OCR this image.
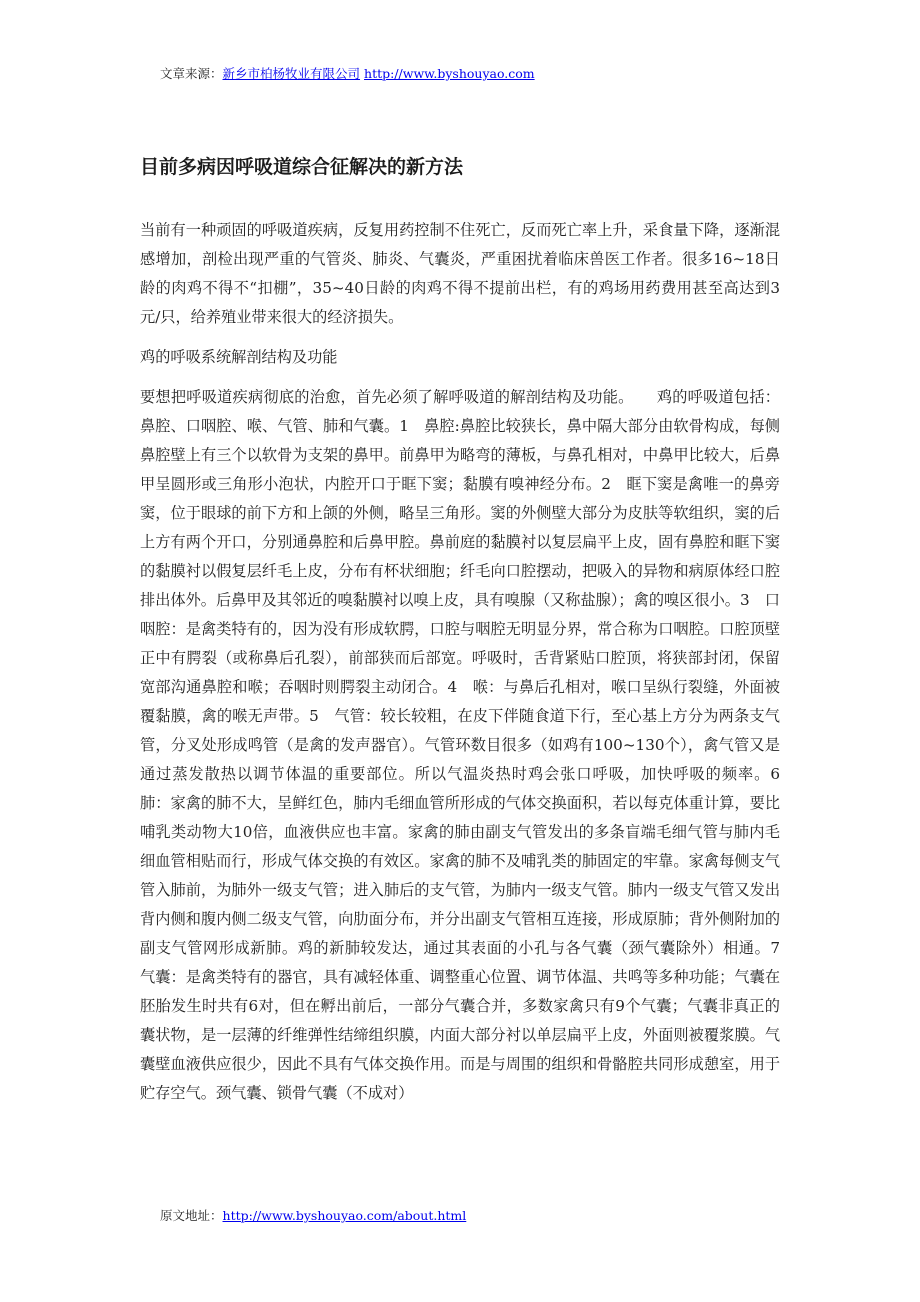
文章来源：新乡市柏杨牧业有限公司 http://www.byshouyao.com
目前多病因呼吸道综合征解决的新方法

当前有一种顽固的呼吸道疾病，反复用药控制不住死亡，反而死亡率上升，采食量下降，逐渐混感增加，剖检出现严重的气管炎、肺炎、气囊炎，严重困扰着临床兽医工作者。很多16~18日龄的肉鸡不得不“扣棚”，35~40日龄的肉鸡不得不提前出栏，有的鸡场用药费用甚至高达到3元/只，给养殖业带来很大的经济损失。

鸡的呼吸系统解剖结构及功能

要想把呼吸道疾病彻底的治愈，首先必须了解呼吸道的解剖结构及功能。　　鸡的呼吸道包括：鼻腔、口咽腔、喉、气管、肺和气囊。1　鼻腔:鼻腔比较狭长，鼻中隔大部分由软骨构成，每侧鼻腔壁上有三个以软骨为支架的鼻甲。前鼻甲为略弯的薄板，与鼻孔相对，中鼻甲比较大，后鼻甲呈圆形或三角形小泡状，内腔开口于眶下窦；黏膜有嗅神经分布。2　眶下窦是禽唯一的鼻旁窦，位于眼球的前下方和上颌的外侧，略呈三角形。窦的外侧壁大部分为皮肤等软组织，窦的后上方有两个开口，分别通鼻腔和后鼻甲腔。鼻前庭的黏膜衬以复层扁平上皮，固有鼻腔和眶下窦的黏膜衬以假复层纤毛上皮，分布有杯状细胞；纤毛向口腔摆动，把吸入的异物和病原体经口腔排出体外。后鼻甲及其邻近的嗅黏膜衬以嗅上皮，具有嗅腺（又称盐腺）；禽的嗅区很小。3　口咽腔：是禽类特有的，因为没有形成软腭，口腔与咽腔无明显分界，常合称为口咽腔。口腔顶壁正中有腭裂（或称鼻后孔裂），前部狭而后部宽。呼吸时，舌背紧贴口腔顶，将狭部封闭，保留宽部沟通鼻腔和喉；吞咽时则腭裂主动闭合。4　喉：与鼻后孔相对，喉口呈纵行裂缝，外面被覆黏膜，禽的喉无声带。5　气管：较长较粗，在皮下伴随食道下行，至心基上方分为两条支气管，分叉处形成鸣管（是禽的发声器官）。气管环数目很多（如鸡有100~130个），禽气管又是通过蒸发散热以调节体温的重要部位。所以气温炎热时鸡会张口呼吸，加快呼吸的频率。6　肺：家禽的肺不大，呈鲜红色，肺内毛细血管所形成的气体交换面积，若以每克体重计算，要比哺乳类动物大10倍，血液供应也丰富。家禽的肺由副支气管发出的多条盲端毛细气管与肺内毛细血管相贴而行，形成气体交换的有效区。家禽的肺不及哺乳类的肺固定的牢靠。家禽每侧支气管入肺前，为肺外一级支气管；进入肺后的支气管，为肺内一级支气管。肺内一级支气管又发出背内侧和腹内侧二级支气管，向肋面分布，并分出副支气管相互连接，形成原肺；背外侧附加的副支气管网形成新肺。鸡的新肺较发达，通过其表面的小孔与各气囊（颈气囊除外）相通。7　气囊：是禽类特有的器官，具有减轻体重、调整重心位置、调节体温、共鸣等多种功能；气囊在胚胎发生时共有6对，但在孵出前后，一部分气囊合并，多数家禽只有9个气囊；气囊非真正的囊状物，是一层薄的纤维弹性结缔组织膜，内面大部分衬以单层扁平上皮，外面则被覆浆膜。气囊壁血液供应很少，因此不具有气体交换作用。而是与周围的组织和骨骼腔共同形成憩室，用于贮存空气。颈气囊、锁骨气囊（不成对）

原文地址：http://www.byshouyao.com/about.html
